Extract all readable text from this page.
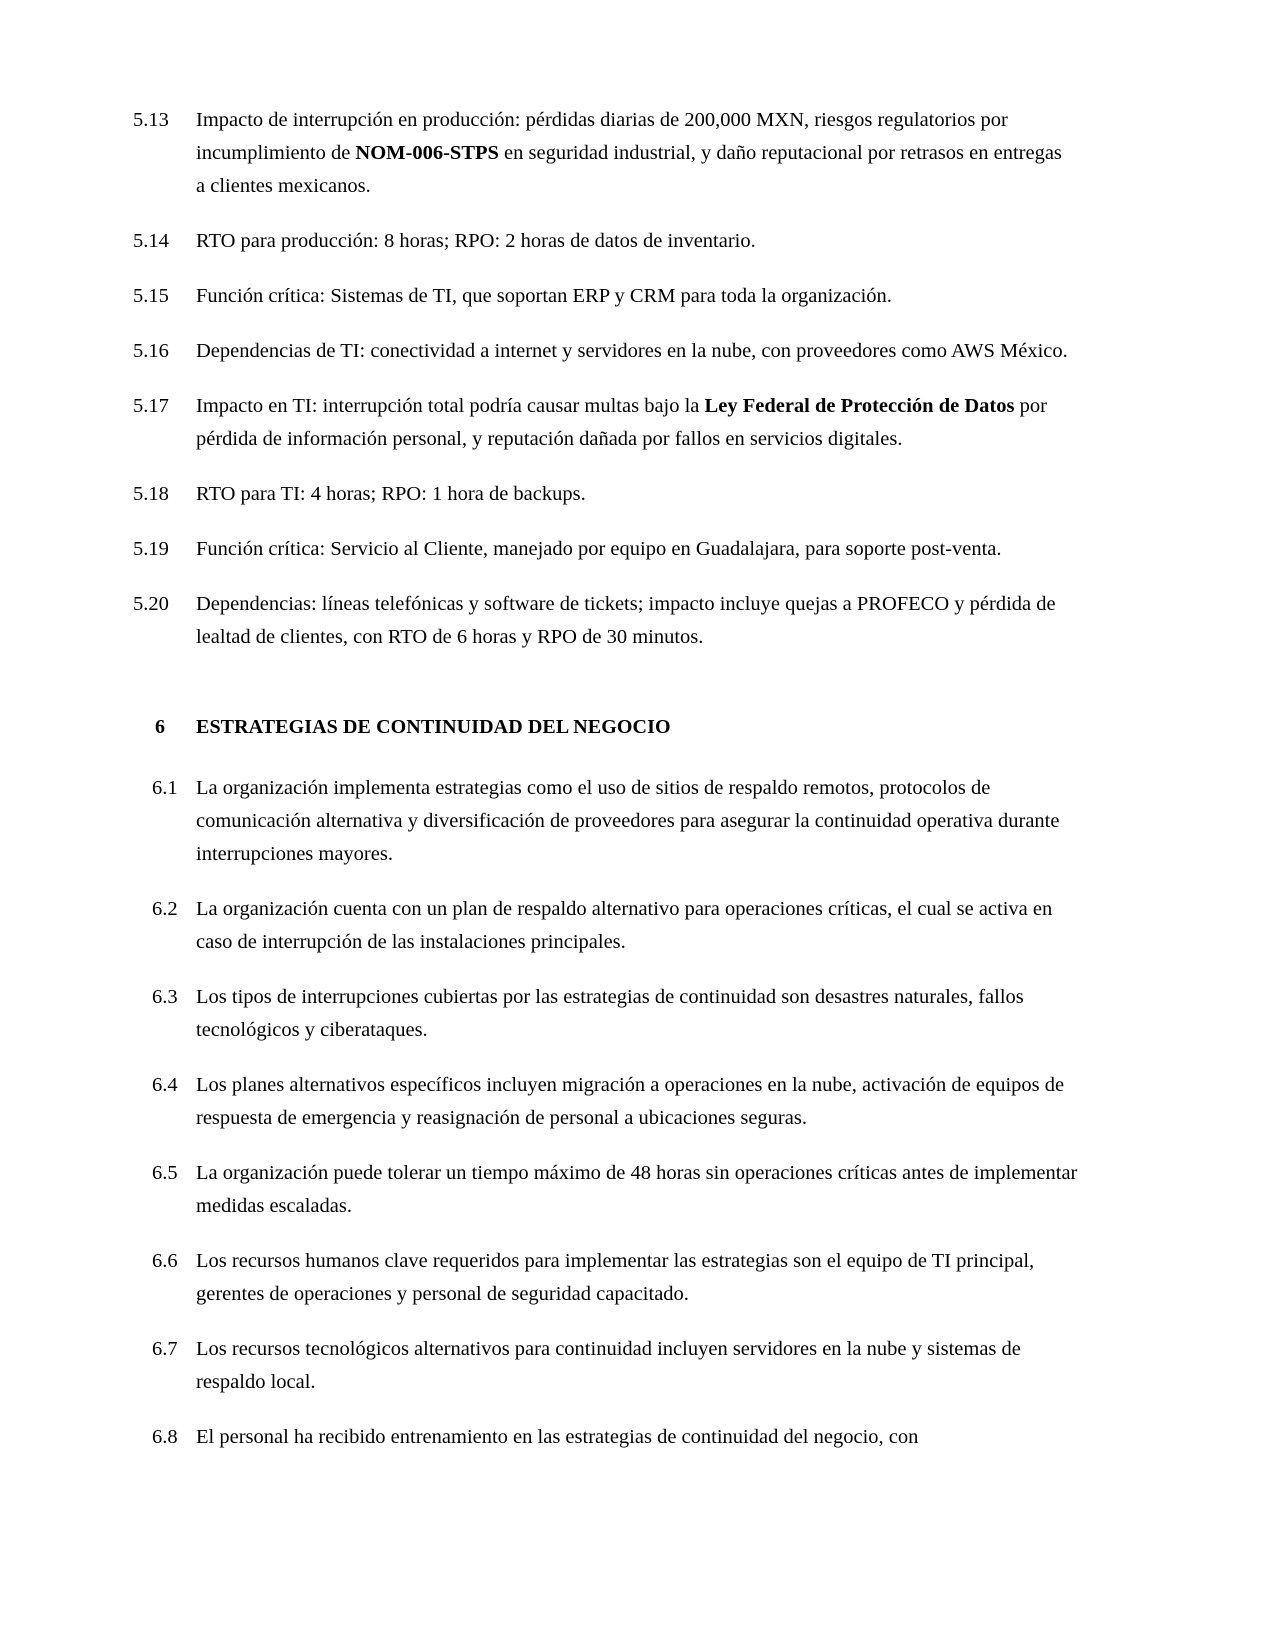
5.13	Impacto de interrupción en producción: pérdidas diarias de 200,000 MXN, riesgos regulatorios por incumplimiento de NOM-006-STPS en seguridad industrial, y daño reputacional por retrasos en entregas a clientes mexicanos.
5.14	RTO para producción: 8 horas; RPO: 2 horas de datos de inventario.
5.15	Función crítica: Sistemas de TI, que soportan ERP y CRM para toda la organización.
5.16	Dependencias de TI: conectividad a internet y servidores en la nube, con proveedores como AWS México.
5.17	Impacto en TI: interrupción total podría causar multas bajo la Ley Federal de Protección de Datos por pérdida de información personal, y reputación dañada por fallos en servicios digitales.
5.18	RTO para TI: 4 horas; RPO: 1 hora de backups.
5.19	Función crítica: Servicio al Cliente, manejado por equipo en Guadalajara, para soporte post-venta.
5.20	Dependencias: líneas telefónicas y software de tickets; impacto incluye quejas a PROFECO y pérdida de lealtad de clientes, con RTO de 6 horas y RPO de 30 minutos.
6	ESTRATEGIAS DE CONTINUIDAD DEL NEGOCIO
6.1 La organización implementa estrategias como el uso de sitios de respaldo remotos, protocolos de comunicación alternativa y diversificación de proveedores para asegurar la continuidad operativa durante interrupciones mayores.
6.2 La organización cuenta con un plan de respaldo alternativo para operaciones críticas, el cual se activa en caso de interrupción de las instalaciones principales.
6.3 Los tipos de interrupciones cubiertas por las estrategias de continuidad son desastres naturales, fallos tecnológicos y ciberataques.
6.4 Los planes alternativos específicos incluyen migración a operaciones en la nube, activación de equipos de respuesta de emergencia y reasignación de personal a ubicaciones seguras.
6.5 La organización puede tolerar un tiempo máximo de 48 horas sin operaciones críticas antes de implementar medidas escaladas.
6.6 Los recursos humanos clave requeridos para implementar las estrategias son el equipo de TI principal, gerentes de operaciones y personal de seguridad capacitado.
6.7 Los recursos tecnológicos alternativos para continuidad incluyen servidores en la nube y sistemas de respaldo local.
6.8 El personal ha recibido entrenamiento en las estrategias de continuidad del negocio, con
